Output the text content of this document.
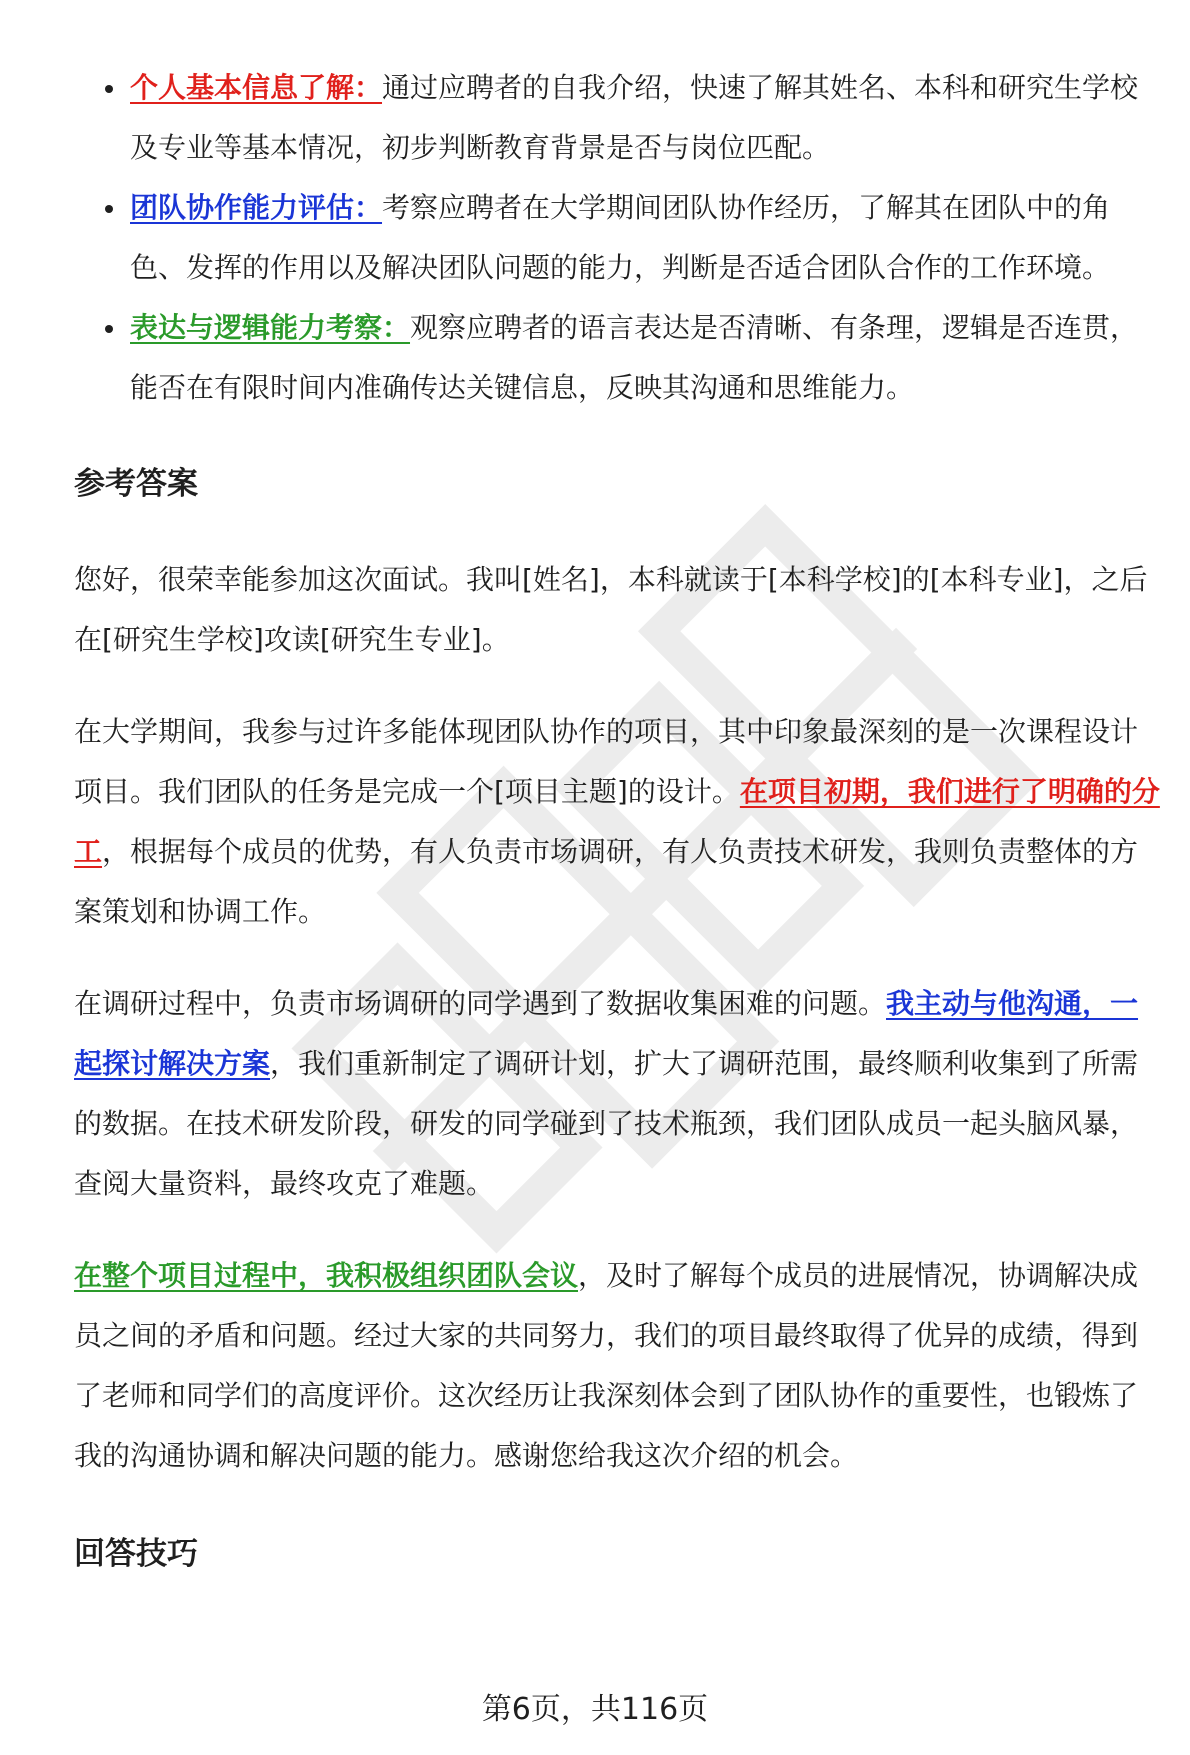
个人基本信息了解：通过应聘者的自我介绍，快速了解其姓名、本科和研究生学校及专业等基本情况，初步判断教育背景是否与岗位匹配。
团队协作能力评估：考察应聘者在大学期间团队协作经历，了解其在团队中的角色、发挥的作用以及解决团队问题的能力，判断是否适合团队合作的工作环境。
表达与逻辑能力考察：观察应聘者的语言表达是否清晰、有条理，逻辑是否连贯，能否在有限时间内准确传达关键信息，反映其沟通和思维能力。
参考答案

您好，很荣幸能参加这次面试。我叫[姓名]，本科就读于[本科学校]的[本科专业]，之后在[研究生学校]攻读[研究生专业]。

在大学期间，我参与过许多能体现团队协作的项目，其中印象最深刻的是一次课程设计项目。我们团队的任务是完成一个[项目主题]的设计。在项目初期，我们进行了明确的分工，根据每个成员的优势，有人负责市场调研，有人负责技术研发，我则负责整体的方案策划和协调工作。

在调研过程中，负责市场调研的同学遇到了数据收集困难的问题。我主动与他沟通，一起探讨解决方案，我们重新制定了调研计划，扩大了调研范围，最终顺利收集到了所需的数据。在技术研发阶段，研发的同学碰到了技术瓶颈，我们团队成员一起头脑风暴，查阅大量资料，最终攻克了难题。

在整个项目过程中，我积极组织团队会议，及时了解每个成员的进展情况，协调解决成员之间的矛盾和问题。经过大家的共同努力，我们的项目最终取得了优异的成绩，得到了老师和同学们的高度评价。这次经历让我深刻体会到了团队协作的重要性，也锻炼了我的沟通协调和解决问题的能力。感谢您给我这次介绍的机会。

回答技巧
第6页，共116页
